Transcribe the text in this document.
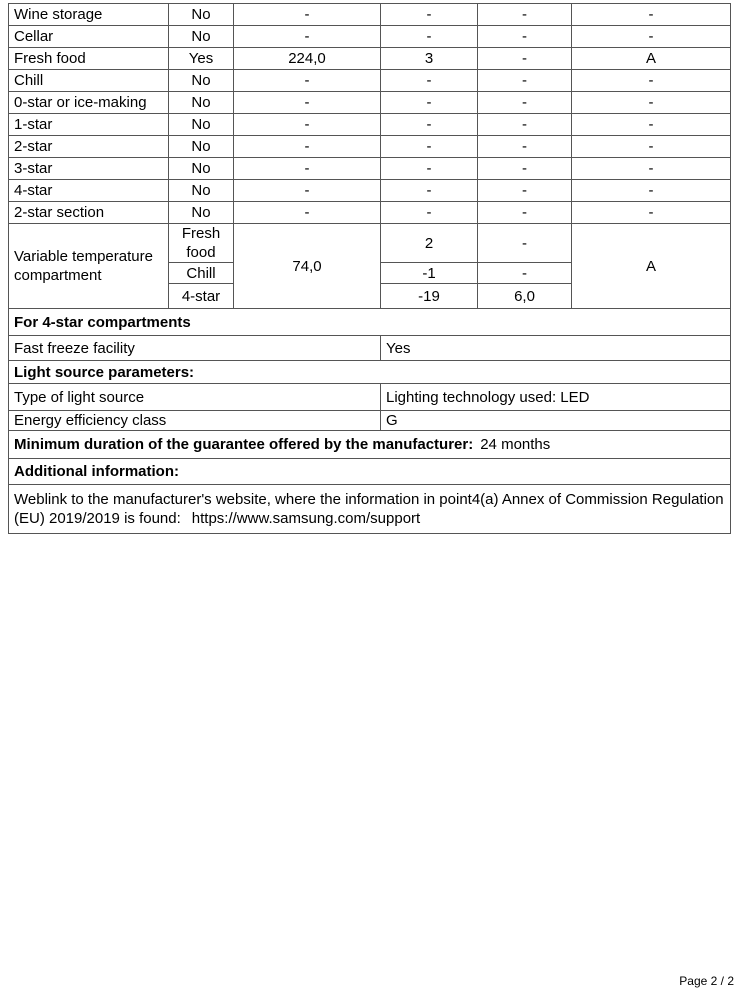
Wine storage	No	-	-	-	-
Cellar	No	-	-	-	-
Fresh food	Yes	224,0	3	-	A
Chill	No	-	-	-	-
0-star or ice-making	No	-	-	-	-
1-star	No	-	-	-	-
2-star	No	-	-	-	-
3-star	No	-	-	-	-
4-star	No	-	-	-	-
2-star section	No	-	-	-	-
Variable temperature compartment	Fresh food	74,0	2	-	A
	Chill		-1	-	
	4-star		-19	6,0	
For 4-star compartments					
Fast freeze facility			Yes		
Light source parameters:					
Type of light source			Lighting technology used: LED		
Energy efficiency class			G		
Minimum duration of the guarantee offered by the manufacturer: 24 months					
Additional information:					
Weblink to the manufacturer's website, where the information in point4(a) Annex of Commission Regulation (EU) 2019/2019 is found: https://www.samsung.com/support					
Page 2 / 2
